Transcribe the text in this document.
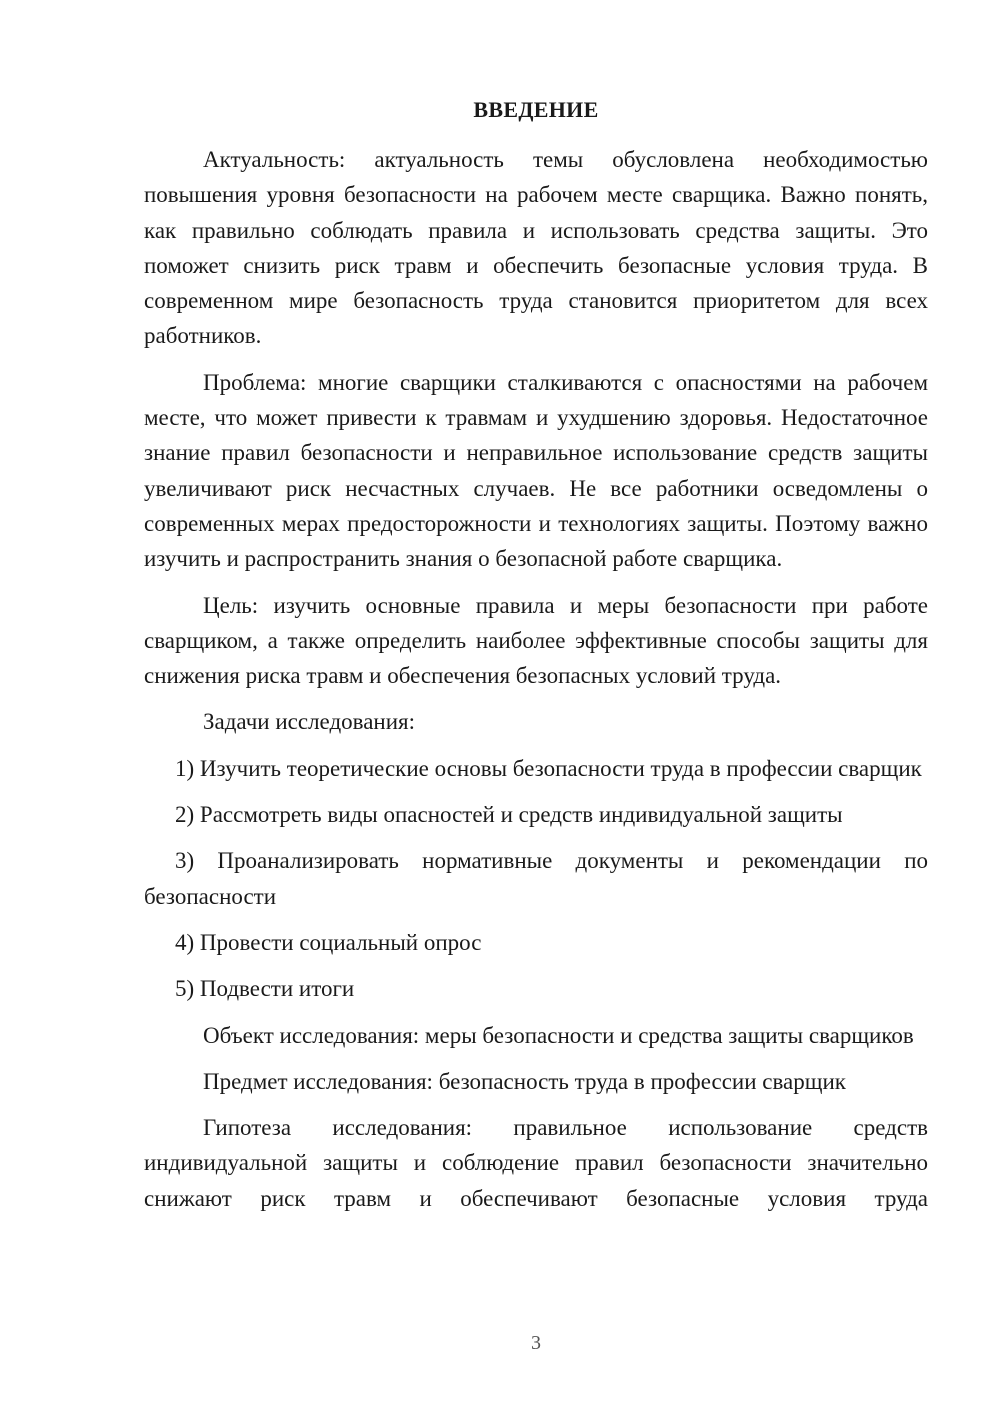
ВВЕДЕНИЕ

Актуальность: актуальность темы обусловлена необходимостью повышения уровня безопасности на рабочем месте сварщика. Важно понять, как правильно соблюдать правила и использовать средства защиты. Это поможет снизить риск травм и обеспечить безопасные условия труда. В современном мире безопасность труда становится приоритетом для всех работников.

Проблема: многие сварщики сталкиваются с опасностями на рабочем месте, что может привести к травмам и ухудшению здоровья. Недостаточное знание правил безопасности и неправильное использование средств защиты увеличивают риск несчастных случаев. Не все работники осведомлены о современных мерах предосторожности и технологиях защиты. Поэтому важно изучить и распространить знания о безопасной работе сварщика.

Цель: изучить основные правила и меры безопасности при работе сварщиком, а также определить наиболее эффективные способы защиты для снижения риска травм и обеспечения безопасных условий труда.

Задачи исследования:

1) Изучить теоретические основы безопасности труда в профессии сварщик

2) Рассмотреть виды опасностей и средств индивидуальной защиты

3) Проанализировать нормативные документы и рекомендации по безопасности

4) Провести социальный опрос

5) Подвести итоги

Объект исследования: меры безопасности и средства защиты сварщиков

Предмет исследования: безопасность труда в профессии сварщик

Гипотеза исследования: правильное использование средств индивидуальной защиты и соблюдение правил безопасности значительно снижают риск травм и обеспечивают безопасные условия труда

3
